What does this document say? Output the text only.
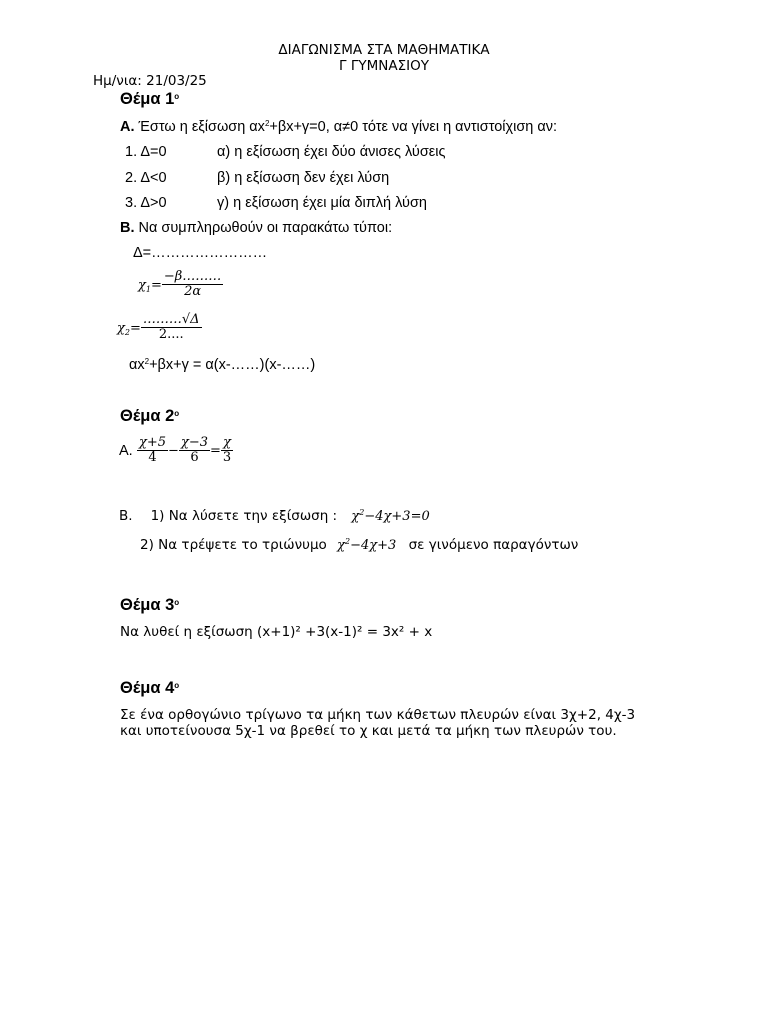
ΔΙΑΓΩΝΙΣΜΑ ΣΤΑ ΜΑΘΗΜΑΤΙΚΑ
Γ ΓΥΜΝΑΣΙΟΥ
Ημ/νια: 21/03/25
Θέμα $1^o$
Α. Έστω η εξίσωση $\alpha x^2+\beta x+\gamma=0$, α≠0 τότε να γίνει η αντιστοίχιση αν:
1. Δ=0	α) η εξίσωση έχει δύο άνισες λύσεις
2. Δ<0	β) η εξίσωση δεν έχει λύση
3. Δ>0	γ) η εξίσωση έχει μία διπλή λύση
Β. Να συμπληρωθούν οι παρακάτω τύποι:
Δ=……………………
$\chi_1= \frac{-\beta\dots\dots\dots}{2\alpha}$
$\chi_2= \frac{\dots\dots\dots√\Delta}{2....}$
$\alpha x^2+\beta x+\gamma$ = α(x-……)(x-……)
Θέμα $2^o$
Α. $\frac{\chi+5}{4} - \frac{\chi-3}{6} = \frac{\chi}{3}$
Β. 1) Να λύσετε την εξίσωση : $\chi^2-4\chi+3=0$
2) Να τρέψετε το τριώνυμο $\chi^2-4\chi+3$ σε γινόμενο παραγόντων
Θέμα $3^o$
Να λυθεί η εξίσωση (x+1)² +3(x-1)² = 3x² + x
Θέμα $4^o$
Σε ένα ορθογώνιο τρίγωνο τα μήκη των κάθετων πλευρών είναι 3χ+2, 4χ-3
και υποτείνουσα 5χ-1 να βρεθεί το χ και μετά τα μήκη των πλευρών του.
